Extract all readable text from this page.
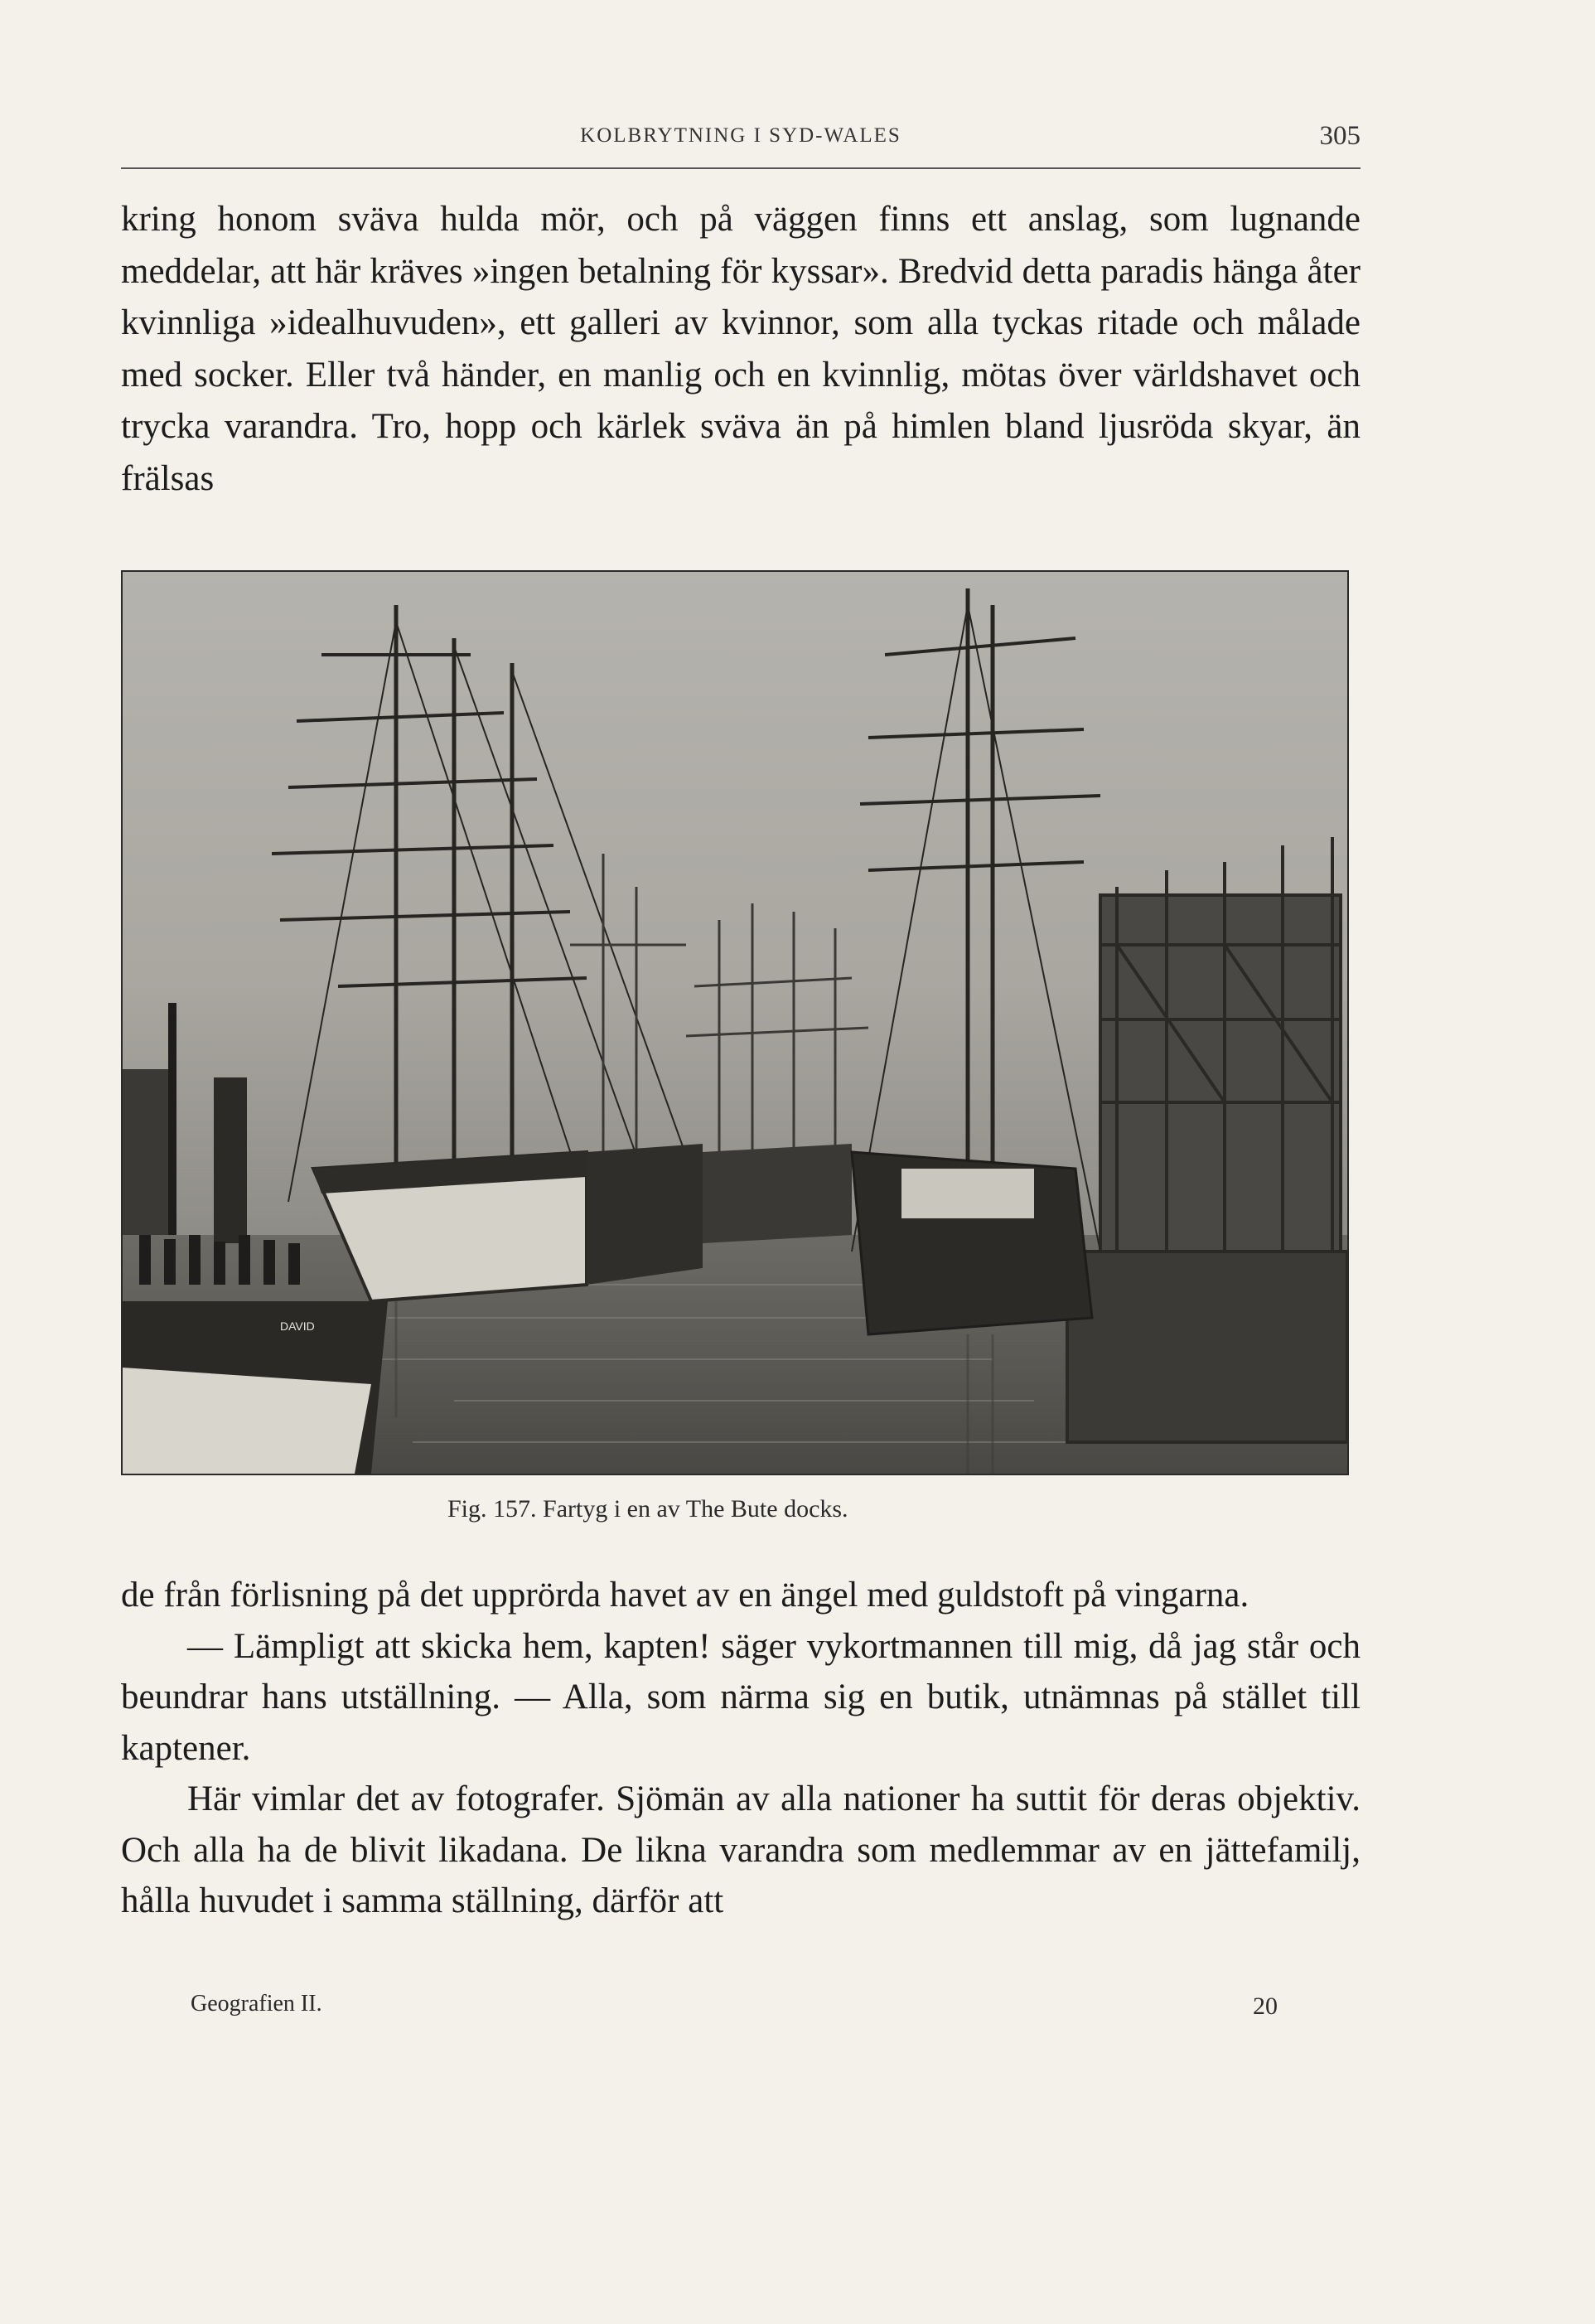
KOLBRYTNING I SYD-WALES	305

kring honom sväva hulda mör, och på väggen finns ett anslag, som lugnande meddelar, att här kräves »ingen betalning för kyssar». Bredvid detta paradis hänga åter kvinnliga »idealhuvuden», ett galleri av kvinnor, som alla tyckas ritade och målade med socker. Eller två händer, en manlig och en kvinnlig, mötas över världshavet och trycka varandra. Tro, hopp och kärlek sväva än på himlen bland ljusröda skyar, än frälsas

DAVID
Fig. 157. Fartyg i en av The Bute docks.

de från förlisning på det upprörda havet av en ängel med guldstoft på vingarna.

— Lämpligt att skicka hem, kapten! säger vykortmannen till mig, då jag står och beundrar hans utställning. — Alla, som närma sig en butik, utnämnas på stället till kaptener.

Här vimlar det av fotografer. Sjömän av alla nationer ha suttit för deras objektiv. Och alla ha de blivit likadana. De likna varandra som medlemmar av en jättefamilj, hålla huvudet i samma ställning, därför att

Geografien II.	20
